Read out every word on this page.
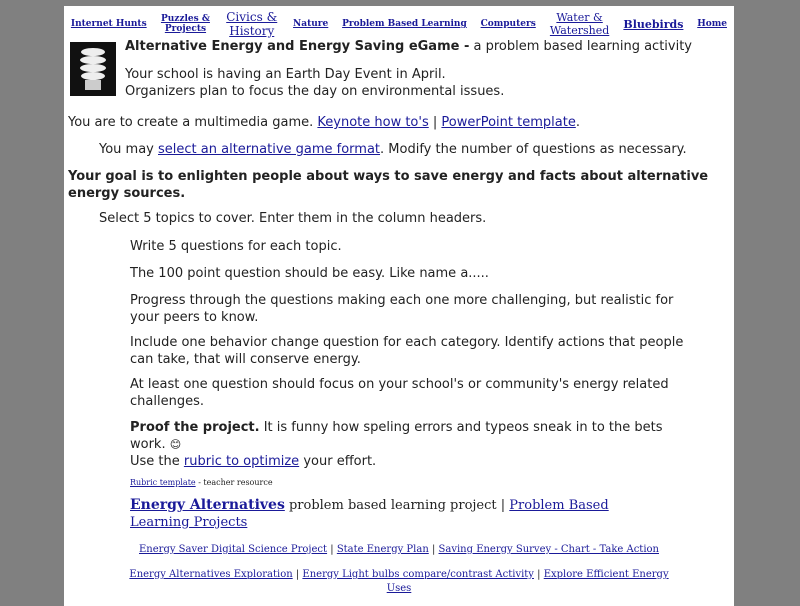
Internet Hunts Puzzles & Projects
Civics & History	Nature Problem Based Learning Computers	Water & Watershed Bluebirds Home
Alternative Energy and Energy Saving eGame - a problem based learning activity
Your school is having an Earth Day Event in April.
Organizers plan to focus the day on environmental issues.
You are to create a multimedia game. Keynote how to's | PowerPoint template.
You may select an alternative game format. Modify the number of questions as necessary.
Your goal is to enlighten people about ways to save energy and facts about alternative energy sources.
Select 5 topics to cover. Enter them in the column headers.
Write 5 questions for each topic.
The 100 point question should be easy. Like name a.....
Progress through the questions making each one more challenging, but realistic for your peers to know.
Include one behavior change question for each category. Identify actions that people can take, that will conserve energy.
At least one question should focus on your school's or community's energy related challenges.
Proof the project. It is funny how speling errors and typeos sneak in to the bets work. 😊
Use the rubric to optimize your effort.
Rubric template - teacher resource
Energy Alternatives problem based learning project | Problem Based Learning Projects
Energy Saver Digital Science Project | State Energy Plan | Saving Energy Survey - Chart - Take Action
Energy Alternatives Exploration | Energy Light bulbs compare/contrast Activity | Explore Efficient Energy Uses
